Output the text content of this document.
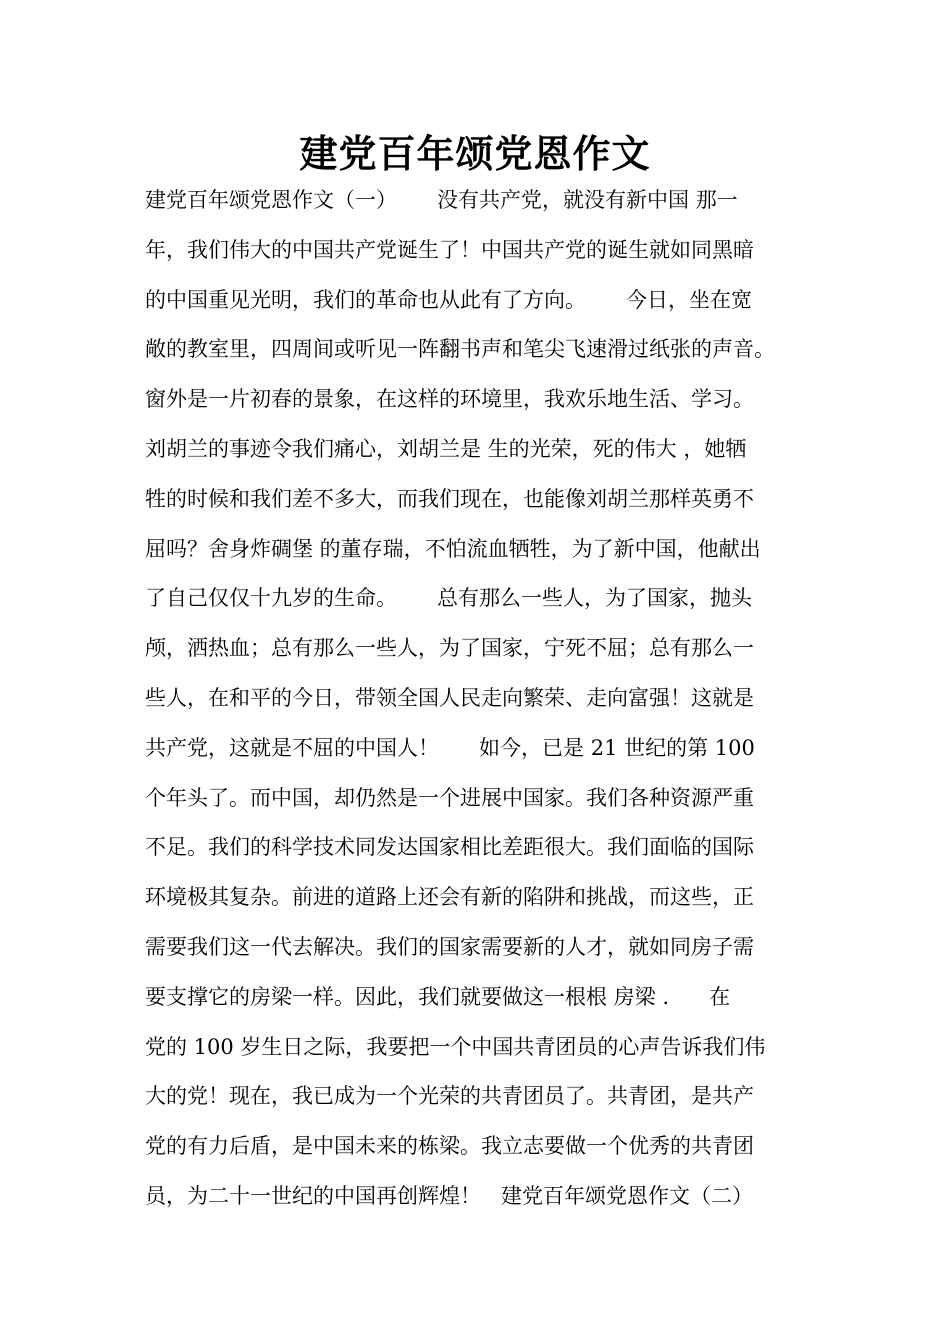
建党百年颂党恩作文
建党百年颂党恩作文（一）      没有共产党，就没有新中国 那一
年，我们伟大的中国共产党诞生了！中国共产党的诞生就如同黑暗
的中国重见光明，我们的革命也从此有了方向。      今日，坐在宽
敞的教室里，四周间或听见一阵翻书声和笔尖飞速滑过纸张的声音。
窗外是一片初春的景象，在这样的环境里，我欢乐地生活、学习。
刘胡兰的事迹令我们痛心，刘胡兰是 生的光荣，死的伟大 ，她牺
牲的时候和我们差不多大，而我们现在，也能像刘胡兰那样英勇不
屈吗？舍身炸碉堡 的董存瑞，不怕流血牺牲，为了新中国，他献出
了自己仅仅十九岁的生命。      总有那么一些人，为了国家，抛头
颅，洒热血；总有那么一些人，为了国家，宁死不屈；总有那么一
些人，在和平的今日，带领全国人民走向繁荣、走向富强！这就是
共产党，这就是不屈的中国人！      如今，已是 21 世纪的第 100
个年头了。而中国，却仍然是一个进展中国家。我们各种资源严重
不足。我们的科学技术同发达国家相比差距很大。我们面临的国际
环境极其复杂。前进的道路上还会有新的陷阱和挑战，而这些，正
需要我们这一代去解决。我们的国家需要新的人才，就如同房子需
要支撑它的房梁一样。因此，我们就要做这一根根 房梁 .      在
党的 100 岁生日之际，我要把一个中国共青团员的心声告诉我们伟
大的党！现在，我已成为一个光荣的共青团员了。共青团，是共产
党的有力后盾，是中国未来的栋梁。我立志要做一个优秀的共青团
员，为二十一世纪的中国再创辉煌！   建党百年颂党恩作文（二）
